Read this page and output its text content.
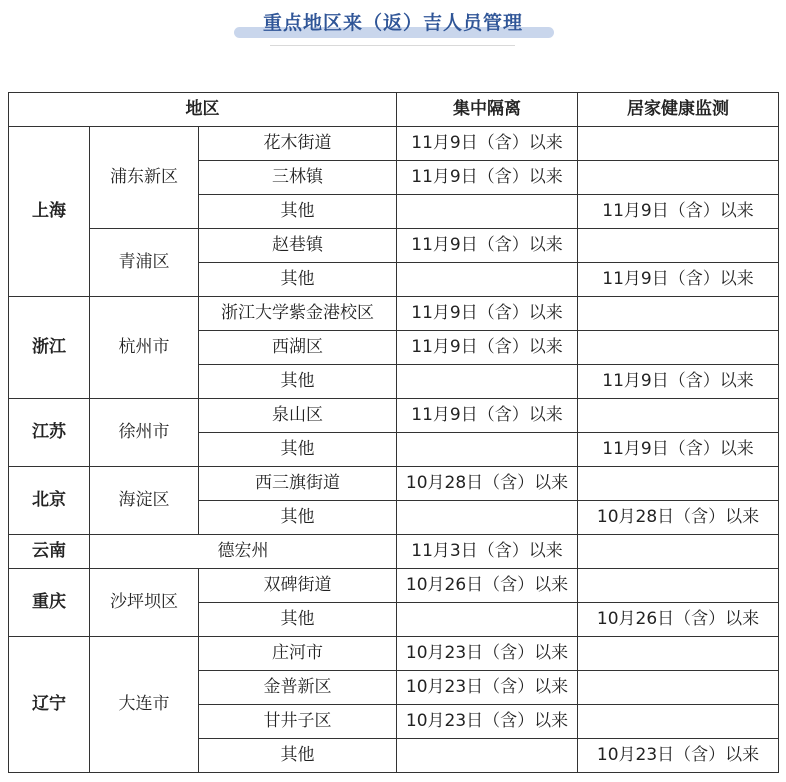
重点地区来（返）吉人员管理
地区			集中隔离	居家健康监测
上海	浦东新区	花木街道	11月9日（含）以来	
		三林镇	11月9日（含）以来	
		其他		11月9日（含）以来
	青浦区	赵巷镇	11月9日（含）以来	
		其他		11月9日（含）以来
浙江	杭州市	浙江大学紫金港校区	11月9日（含）以来	
		西湖区	11月9日（含）以来	
		其他		11月9日（含）以来
江苏	徐州市	泉山区	11月9日（含）以来	
		其他		11月9日（含）以来
北京	海淀区	西三旗街道	10月28日（含）以来	
		其他		10月28日（含）以来
云南	德宏州		11月3日（含）以来	
重庆	沙坪坝区	双碑街道	10月26日（含）以来	
		其他		10月26日（含）以来
辽宁	大连市	庄河市	10月23日（含）以来	
		金普新区	10月23日（含）以来	
		甘井子区	10月23日（含）以来	
		其他		10月23日（含）以来
